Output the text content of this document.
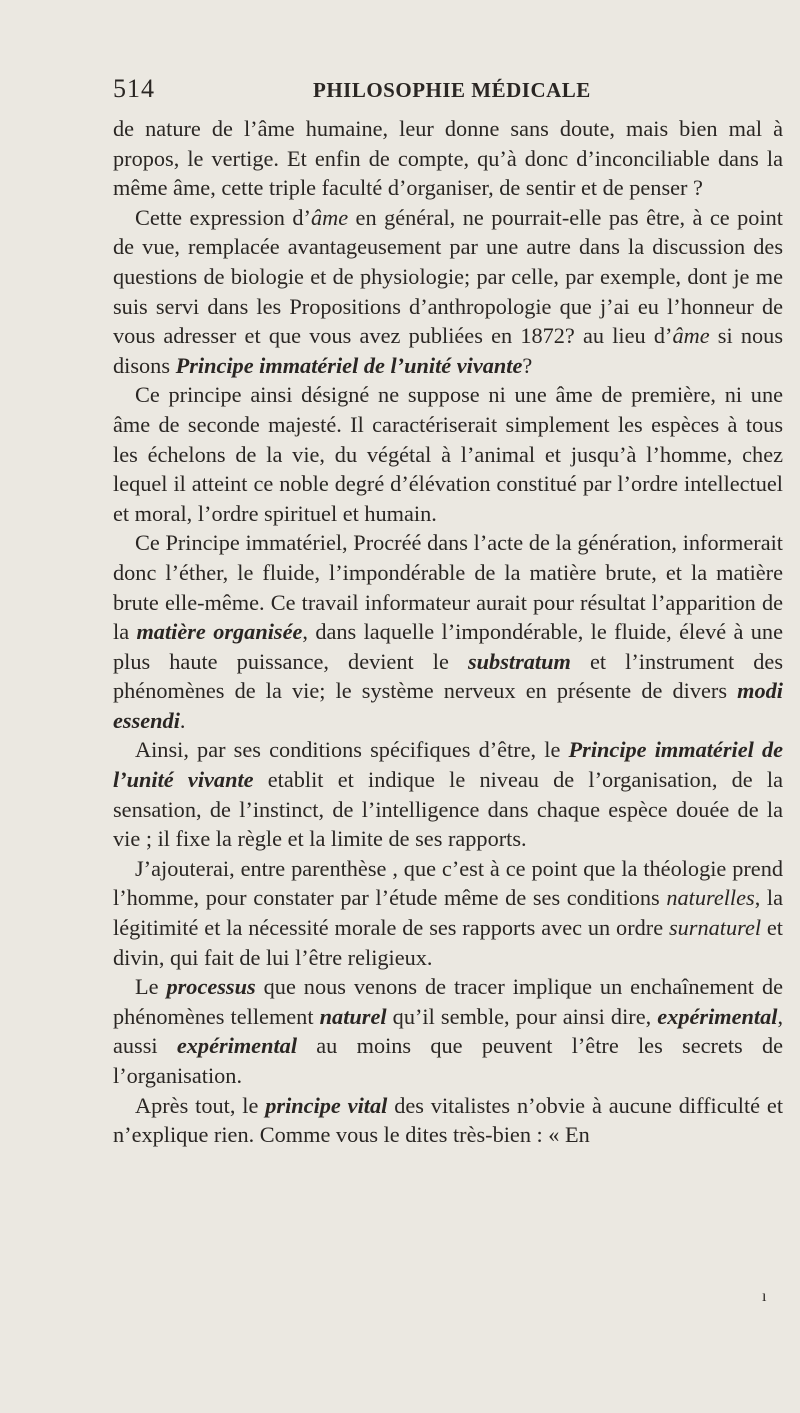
514	PHILOSOPHIE MÉDICALE

de nature de l’âme humaine, leur donne sans doute, mais bien mal à propos, le vertige. Et enfin de compte, qu’à donc d’inconciliable dans la même âme, cette triple faculté d’organiser, de sentir et de penser ?

Cette expression d’âme en général, ne pourrait-elle pas être, à ce point de vue, remplacée avantageusement par une autre dans la discussion des questions de biologie et de physiologie; par celle, par exemple, dont je me suis servi dans les Propositions d’anthropologie que j’ai eu l’honneur de vous adresser et que vous avez publiées en 1872? au lieu d’âme si nous disons Principe immatériel de l’unité vivante?

Ce principe ainsi désigné ne suppose ni une âme de première, ni une âme de seconde majesté. Il caractériserait simplement les espèces à tous les échelons de la vie, du végétal à l’animal et jusqu’à l’homme, chez lequel il atteint ce noble degré d’élévation constitué par l’ordre intellectuel et moral, l’ordre spirituel et humain.

Ce Principe immatériel, Procréé dans l’acte de la génération, informerait donc l’éther, le fluide, l’impondérable de la matière brute, et la matière brute elle-même. Ce travail informateur aurait pour résultat l’apparition de la matière organisée, dans laquelle l’impondérable, le fluide, élevé à une plus haute puissance, devient le substratum et l’instrument des phénomènes de la vie; le système nerveux en présente de divers modi essendi.

Ainsi, par ses conditions spécifiques d’être, le Principe immatériel de l’unité vivante etablit et indique le niveau de l’organisation, de la sensation, de l’instinct, de l’intelligence dans chaque espèce douée de la vie ; il fixe la règle et la limite de ses rapports.

J’ajouterai, entre parenthèse , que c’est à ce point que la théologie prend l’homme, pour constater par l’étude même de ses conditions naturelles, la légitimité et la nécessité morale de ses rapports avec un ordre surnaturel et divin, qui fait de lui l’être religieux.

Le processus que nous venons de tracer implique un enchaînement de phénomènes tellement naturel qu’il semble, pour ainsi dire, expérimental, aussi expérimental au moins que peuvent l’être les secrets de l’organisation.

Après tout, le principe vital des vitalistes n’obvie à aucune difficulté et n’explique rien. Comme vous le dites très-bien : « En

ı
